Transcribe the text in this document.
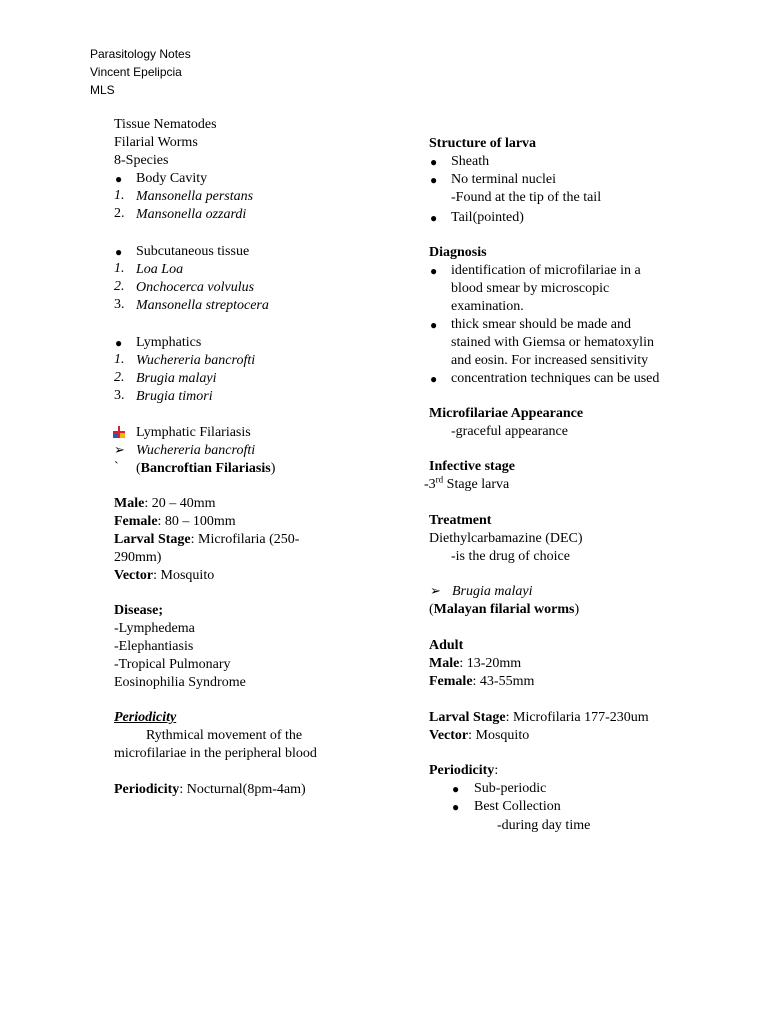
Parasitology Notes
Vincent Epelipcia
MLS
Tissue Nematodes
Filarial Worms
8-Species
● Body Cavity
1. Mansonella perstans
2. Mansonella ozzardi
● Subcutaneous tissue
1. Loa Loa
2. Onchocerca volvulus
3. Mansonella streptocera
● Lymphatics
1. Wuchereria bancrofti
2. Brugia malayi
3. Brugia timori
Lymphatic Filariasis
➢ Wuchereria bancrofti
` (Bancroftian Filariasis)
Male: 20 – 40mm
Female: 80 – 100mm
Larval Stage: Microfilaria (250-
290mm)
Vector: Mosquito
Disease;
-Lymphedema
-Elephantiasis
-Tropical Pulmonary
Eosinophilia Syndrome
Periodicity
Rythmical movement of the
microfilariae in the peripheral blood
Periodicity: Nocturnal(8pm-4am)
Structure of larva
● Sheath
● No terminal nuclei
-Found at the tip of the tail
● Tail(pointed)
Diagnosis
● identification of microfilariae in a
blood smear by microscopic
examination.
● thick smear should be made and
stained with Giemsa or hematoxylin
and eosin. For increased sensitivity
● concentration techniques can be used
Microfilariae Appearance
-graceful appearance
Infective stage
-3rd Stage larva
Treatment
Diethylcarbamazine (DEC)
-is the drug of choice
➢ Brugia malayi
(Malayan filarial worms)
Adult
Male: 13-20mm
Female: 43-55mm
Larval Stage: Microfilaria 177-230um
Vector: Mosquito
Periodicity:
● Sub-periodic
● Best Collection
-during day time
